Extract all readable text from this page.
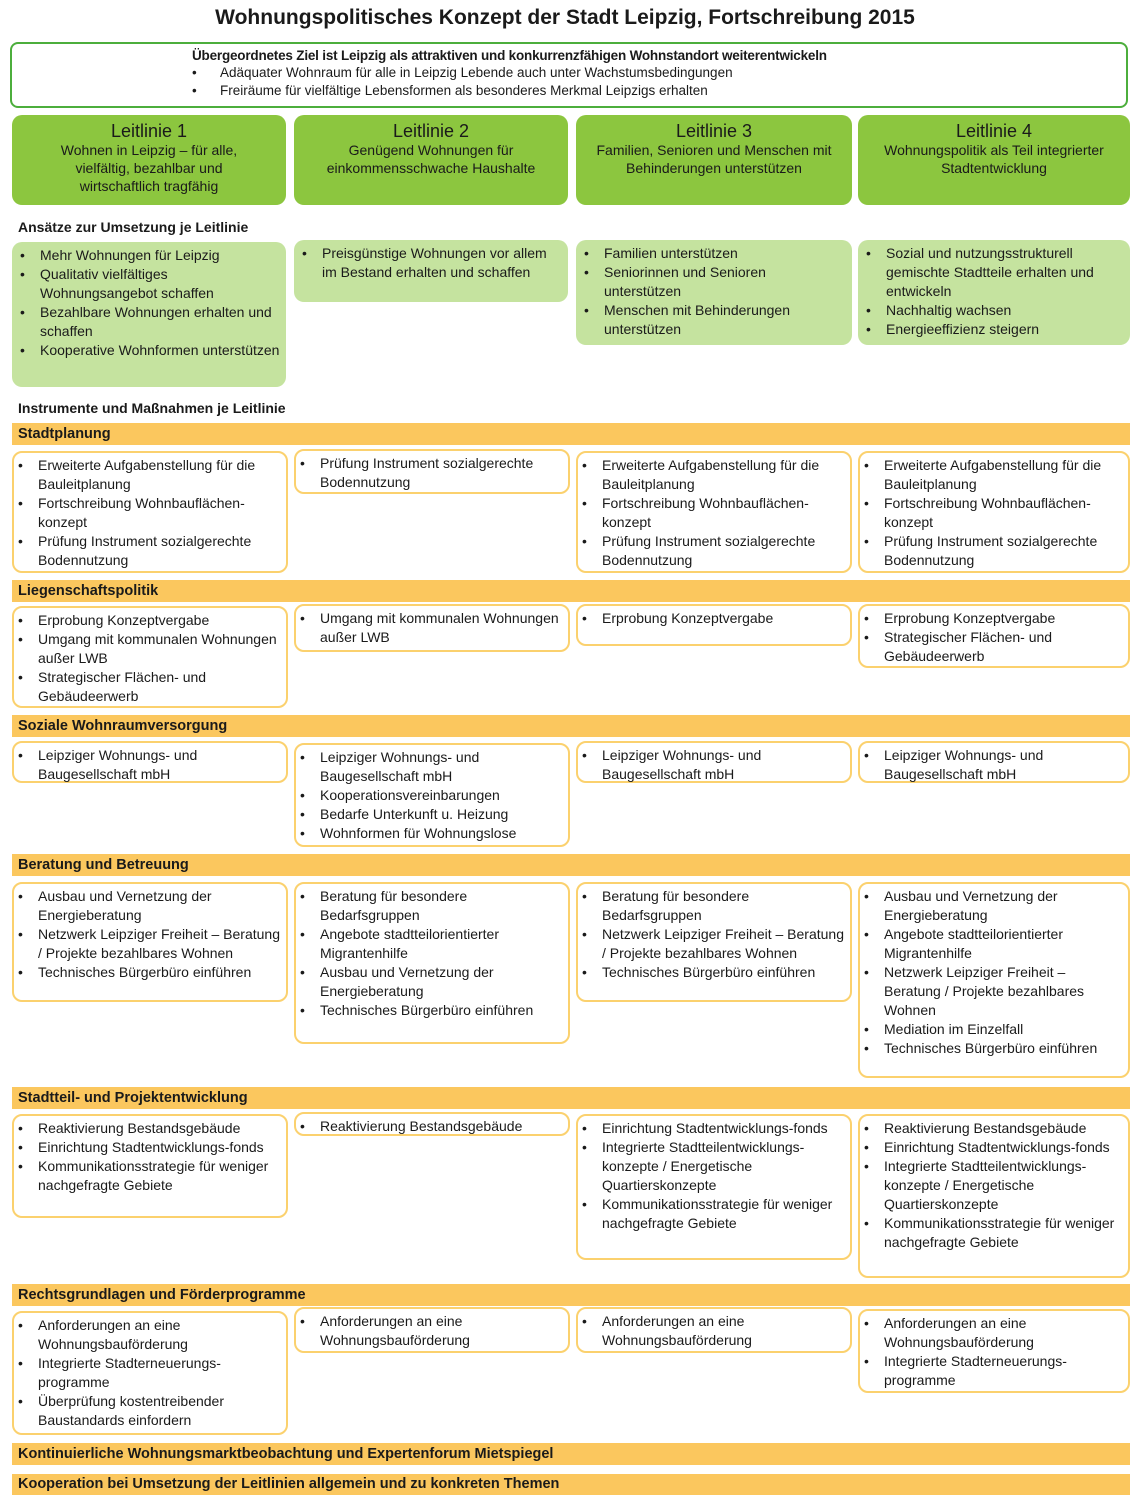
Wohnungspolitisches Konzept der Stadt Leipzig, Fortschreibung 2015
Übergeordnetes Ziel ist Leipzig als attraktiven und konkurrenzfähigen Wohnstandort weiterentwickeln
• Adäquater Wohnraum für alle in Leipzig Lebende auch unter Wachstumsbedingungen
• Freiräume für vielfältige Lebensformen als besonderes Merkmal Leipzigs erhalten
Leitlinie 1
Wohnen in Leipzig – für alle, vielfältig, bezahlbar und wirtschaftlich tragfähig
Leitlinie 2
Genügend Wohnungen für einkommensschwache Haushalte
Leitlinie 3
Familien, Senioren und Menschen mit Behinderungen unterstützen
Leitlinie 4
Wohnungspolitik als Teil integrierter Stadtentwicklung
Ansätze zur Umsetzung je Leitlinie
• Mehr Wohnungen für Leipzig
• Qualitativ vielfältiges Wohnungsangebot schaffen
• Bezahlbare Wohnungen erhalten und schaffen
• Kooperative Wohnformen unterstützen
• Preisgünstige Wohnungen vor allem im Bestand erhalten und schaffen
• Familien unterstützen
• Seniorinnen und Senioren unterstützen
• Menschen mit Behinderungen unterstützen
• Sozial und nutzungsstrukturell gemischte Stadtteile erhalten und entwickeln
• Nachhaltig wachsen
• Energieeffizienz steigern
Instrumente und Maßnahmen je Leitlinie
Stadtplanung
• Erweiterte Aufgabenstellung für die Bauleitplanung
• Fortschreibung Wohnbauflächen-konzept
• Prüfung Instrument sozialgerechte Bodennutzung
• Prüfung Instrument sozialgerechte Bodennutzung
• Erweiterte Aufgabenstellung für die Bauleitplanung
• Fortschreibung Wohnbauflächen-konzept
• Prüfung Instrument sozialgerechte Bodennutzung
• Erweiterte Aufgabenstellung für die Bauleitplanung
• Fortschreibung Wohnbauflächen-konzept
• Prüfung Instrument sozialgerechte Bodennutzung
Liegenschaftspolitik
• Erprobung Konzeptvergabe
• Umgang mit kommunalen Wohnungen außer LWB
• Strategischer Flächen- und Gebäudeerwerb
• Umgang mit kommunalen Wohnungen außer LWB
• Erprobung Konzeptvergabe	• Erprobung Konzeptvergabe
• Strategischer Flächen- und Gebäudeerwerb
Soziale Wohnraumversorgung
• Leipziger Wohnungs- und Baugesellschaft mbH
• Leipziger Wohnungs- und Baugesellschaft mbH
• Kooperationsvereinbarungen
• Bedarfe Unterkunft u. Heizung
• Wohnformen für Wohnungslose
• Leipziger Wohnungs- und Baugesellschaft mbH
• Leipziger Wohnungs- und Baugesellschaft mbH
Beratung und Betreuung
• Ausbau und Vernetzung der Energieberatung
• Netzwerk Leipziger Freiheit – Beratung / Projekte bezahlbares Wohnen
• Technisches Bürgerbüro einführen
• Beratung für besondere Bedarfsgruppen
• Angebote stadtteilorientierter Migrantenhilfe
• Ausbau und Vernetzung der Energieberatung
• Technisches Bürgerbüro einführen
• Beratung für besondere Bedarfsgruppen
• Netzwerk Leipziger Freiheit – Beratung / Projekte bezahlbares Wohnen
• Technisches Bürgerbüro einführen
• Ausbau und Vernetzung der Energieberatung
• Angebote stadtteilorientierter Migrantenhilfe
• Netzwerk Leipziger Freiheit – Beratung / Projekte bezahlbares Wohnen
• Mediation im Einzelfall
• Technisches Bürgerbüro einführen
Stadtteil- und Projektentwicklung
• Reaktivierung Bestandsgebäude
• Einrichtung Stadtentwicklungs-fonds
• Kommunikationsstrategie für weniger nachgefragte Gebiete
• Reaktivierung Bestandsgebäude	• Einrichtung Stadtentwicklungs-fonds
• Integrierte Stadtteilentwicklungs-konzepte / Energetische Quartierskonzepte
• Kommunikationsstrategie für weniger nachgefragte Gebiete
• Reaktivierung Bestandsgebäude
• Einrichtung Stadtentwicklungs-fonds
• Integrierte Stadtteilentwicklungs-konzepte / Energetische Quartierskonzepte
• Kommunikationsstrategie für weniger nachgefragte Gebiete
Rechtsgrundlagen und Förderprogramme
• Anforderungen an eine Wohnungsbauförderung
• Integrierte Stadterneuerungs-programme
• Überprüfung kostentreibender Baustandards einfordern
• Anforderungen an eine Wohnungsbauförderung
• Anforderungen an eine Wohnungsbauförderung
• Anforderungen an eine Wohnungsbauförderung
• Integrierte Stadterneuerungs-programme
Kontinuierliche Wohnungsmarktbeobachtung und Expertenforum Mietspiegel
Kooperation bei Umsetzung der Leitlinien allgemein und zu konkreten Themen
